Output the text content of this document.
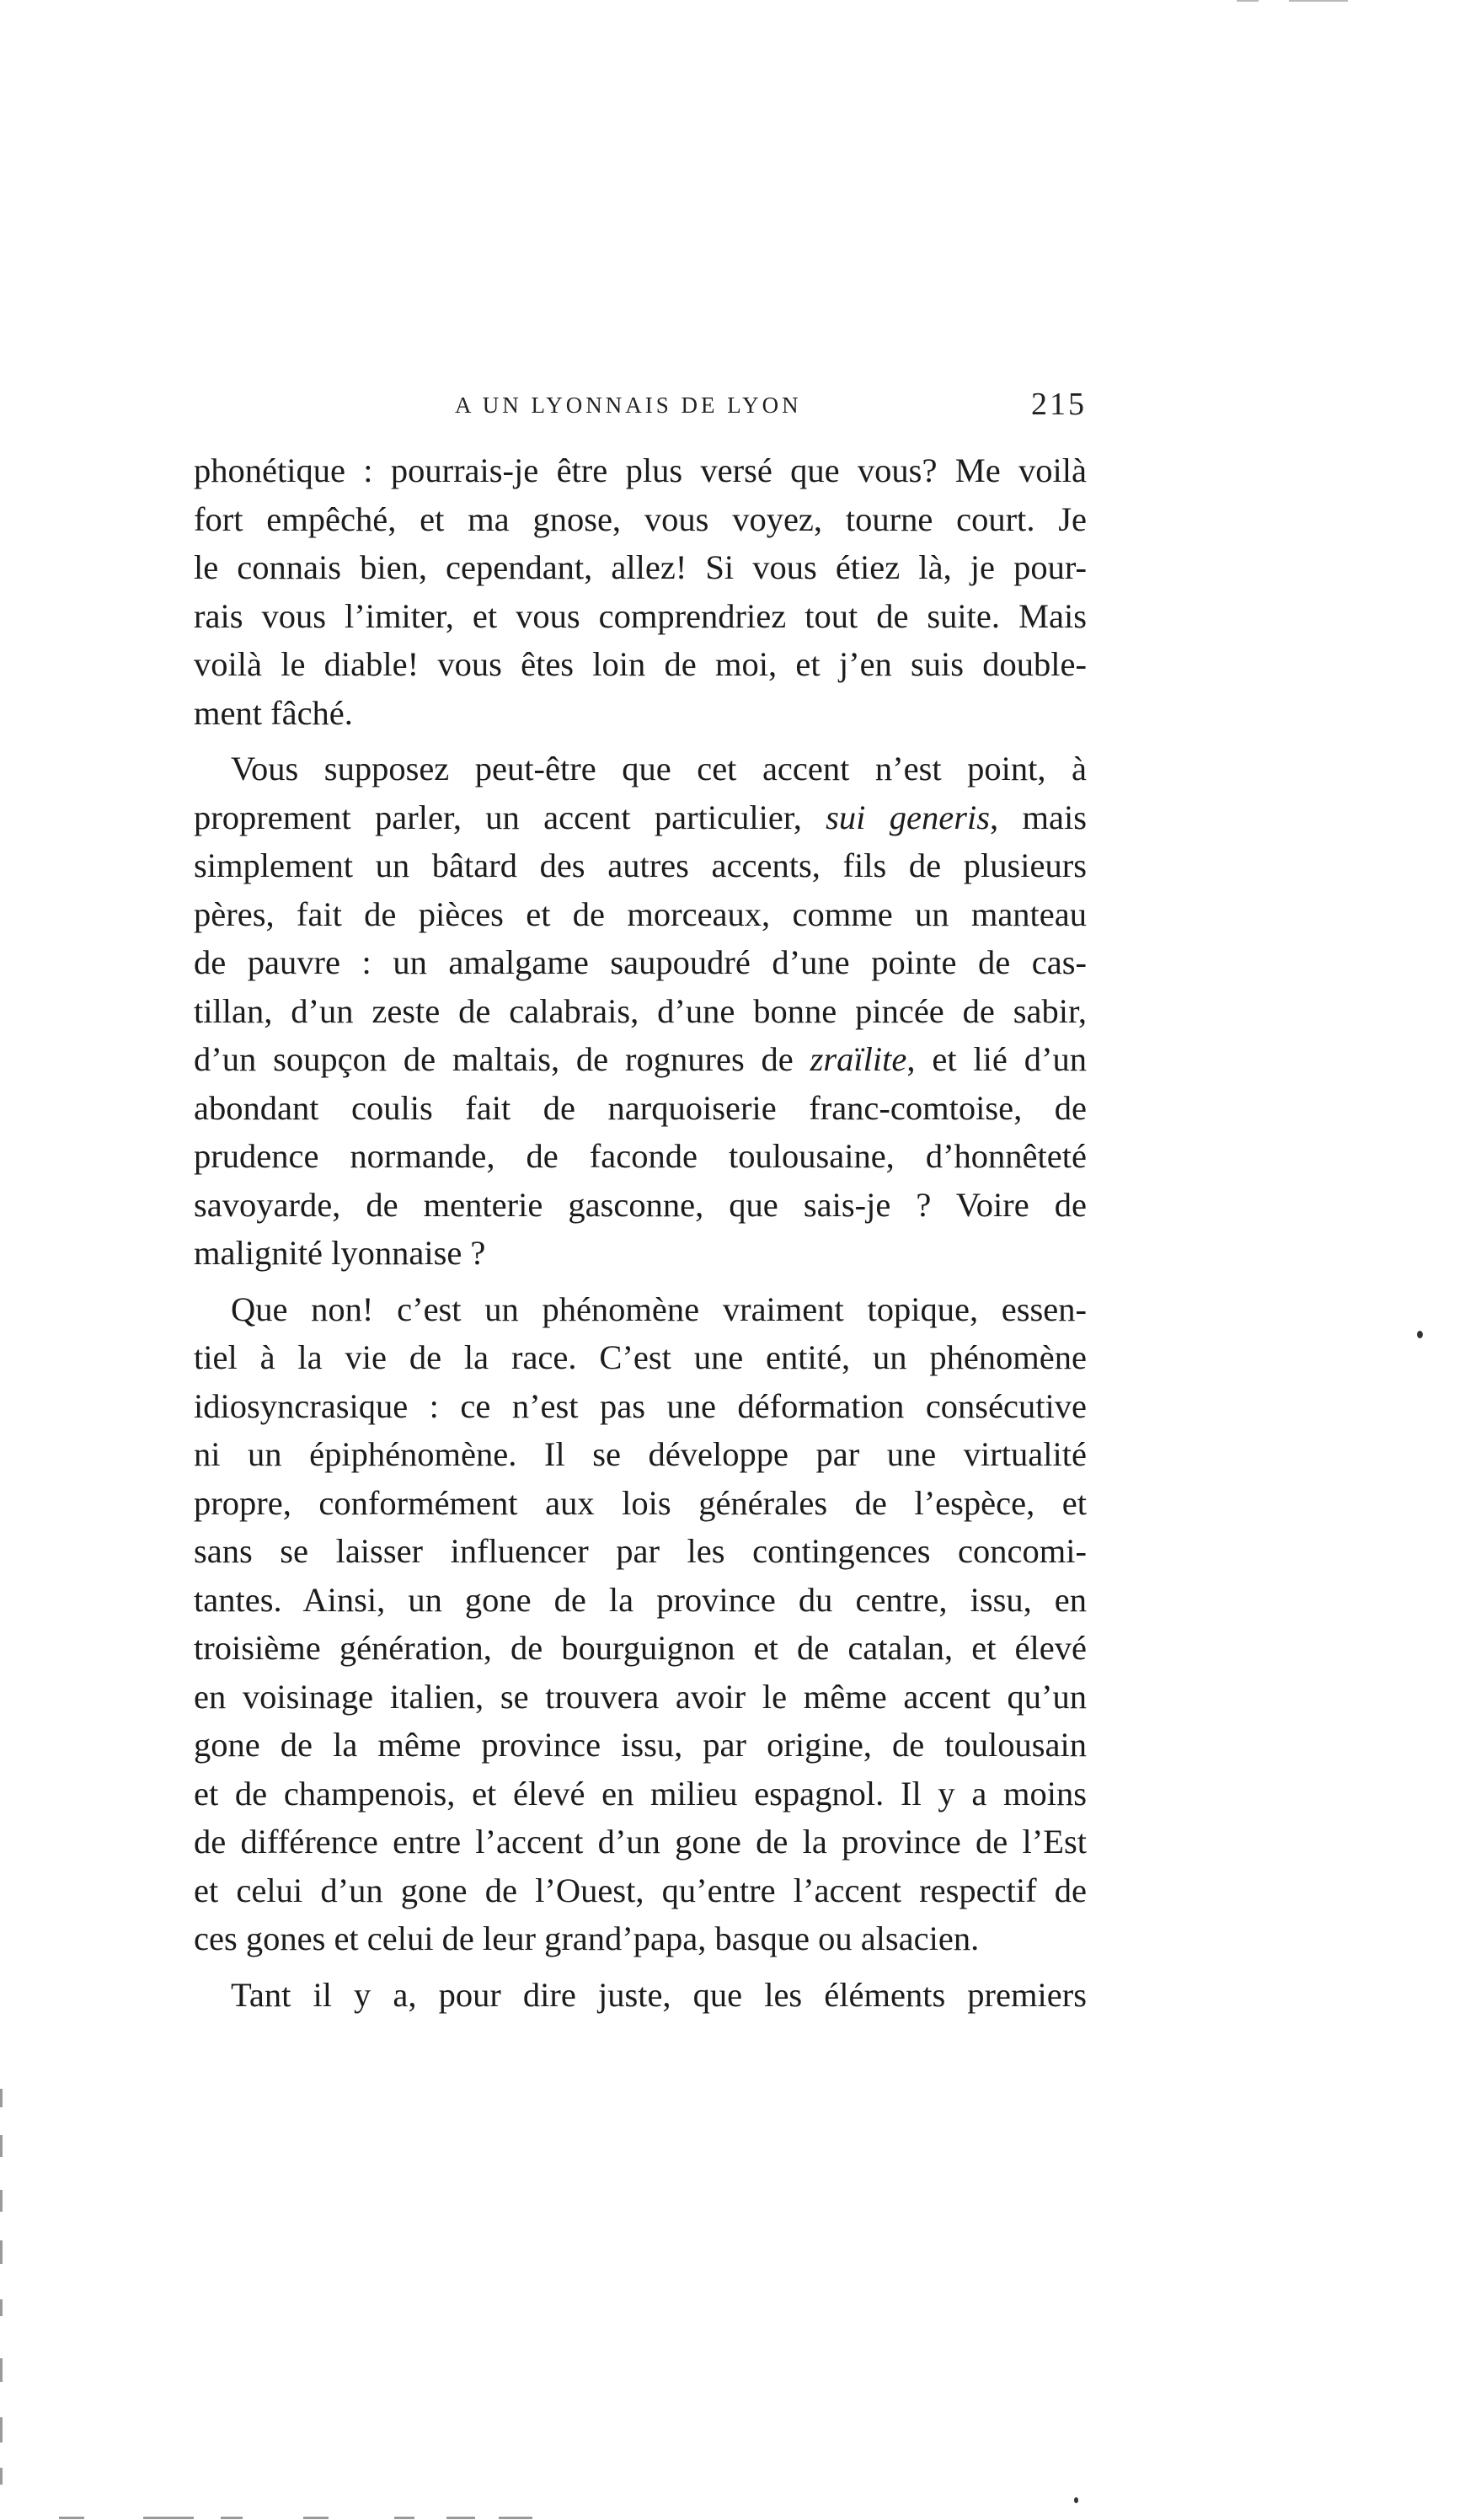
A UN LYONNAIS DE LYON	215

phonétique : pourrais-je être plus versé que vous? Me voilà

fort empêché, et ma gnose, vous voyez, tourne court. Je

le connais bien, cependant, allez! Si vous étiez là, je pour-

rais vous l’imiter, et vous comprendriez tout de suite. Mais

voilà le diable! vous êtes loin de moi, et j’en suis double-

ment fâché.

Vous supposez peut-être que cet accent n’est point, à

proprement parler, un accent particulier, sui generis, mais

simplement un bâtard des autres accents, fils de plusieurs

pères, fait de pièces et de morceaux, comme un manteau

de pauvre : un amalgame saupoudré d’une pointe de cas-

tillan, d’un zeste de calabrais, d’une bonne pincée de sabir,

d’un soupçon de maltais, de rognures de zraïlite, et lié d’un

abondant coulis fait de narquoiserie franc-comtoise, de

prudence normande, de faconde toulousaine, d’honnêteté

savoyarde, de menterie gasconne, que sais-je ? Voire de

malignité lyonnaise ?

Que non! c’est un phénomène vraiment topique, essen-

tiel à la vie de la race. C’est une entité, un phénomène

idiosyncrasique : ce n’est pas une déformation consécutive

ni un épiphénomène. Il se développe par une virtualité

propre, conformément aux lois générales de l’espèce, et

sans se laisser influencer par les contingences concomi-

tantes. Ainsi, un gone de la province du centre, issu, en

troisième génération, de bourguignon et de catalan, et élevé

en voisinage italien, se trouvera avoir le même accent qu’un

gone de la même province issu, par origine, de toulousain

et de champenois, et élevé en milieu espagnol. Il y a moins

de différence entre l’accent d’un gone de la province de l’Est

et celui d’un gone de l’Ouest, qu’entre l’accent respectif de

ces gones et celui de leur grand’papa, basque ou alsacien.

Tant il y a, pour dire juste, que les éléments premiers
